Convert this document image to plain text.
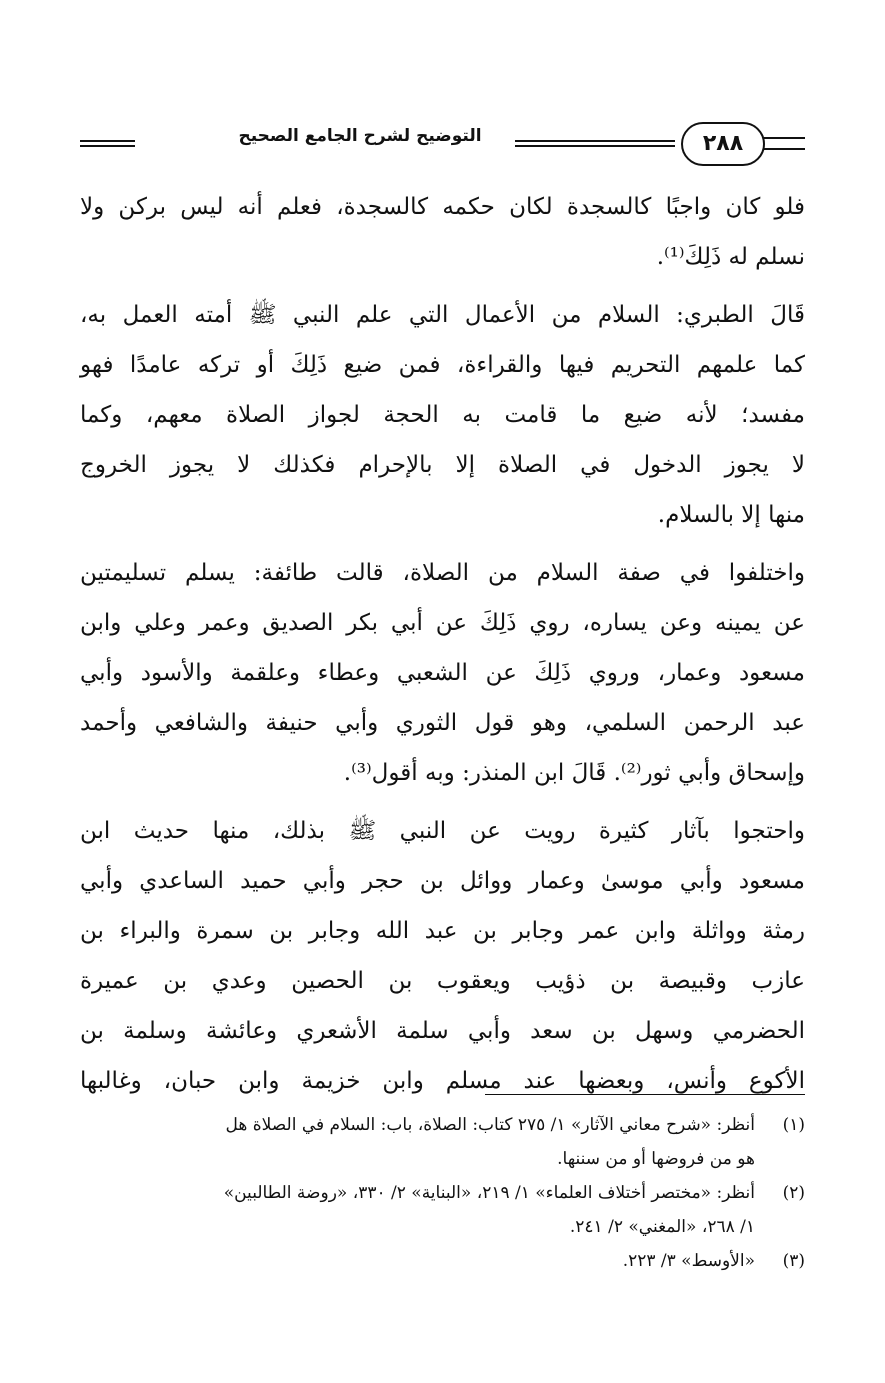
٢٨٨
التوضيح لشرح الجامع الصحيح
فلو كان واجبًا كالسجدة لكان حكمه كالسجدة، فعلم أنه ليس بركن ولا
نسلم له ذَلِكَ⁽¹⁾.
قَالَ الطبري: السلام من الأعمال التي علم النبي ﷺ أمته العمل به،
كما علمهم التحريم فيها والقراءة، فمن ضيع ذَلِكَ أو تركه عامدًا فهو
مفسد؛ لأنه ضيع ما قامت به الحجة لجواز الصلاة معهم، وكما
لا يجوز الدخول في الصلاة إلا بالإحرام فكذلك لا يجوز الخروج
منها إلا بالسلام.
واختلفوا في صفة السلام من الصلاة، قالت طائفة: يسلم تسليمتين
عن يمينه وعن يساره، روي ذَلِكَ عن أبي بكر الصديق وعمر وعلي وابن
مسعود وعمار، وروي ذَلِكَ عن الشعبي وعطاء وعلقمة والأسود وأبي
عبد الرحمن السلمي، وهو قول الثوري وأبي حنيفة والشافعي وأحمد
وإسحاق وأبي ثور⁽²⁾. قَالَ ابن المنذر: وبه أقول⁽³⁾.
واحتجوا بآثار كثيرة رويت عن النبي ﷺ بذلك، منها حديث ابن
مسعود وأبي موسىٰ وعمار ووائل بن حجر وأبي حميد الساعدي وأبي
رمثة وواثلة وابن عمر وجابر بن عبد الله وجابر بن سمرة والبراء بن
عازب وقبيصة بن ذؤيب ويعقوب بن الحصين وعدي بن عميرة
الحضرمي وسهل بن سعد وأبي سلمة الأشعري وعائشة وسلمة بن
الأكوع وأنس، وبعضها عند مسلم وابن خزيمة وابن حبان، وغالبها
(١)
أنظر: «شرح معاني الآثار» ١/ ٢٧٥ كتاب: الصلاة، باب: السلام في الصلاة هل
هو من فروضها أو من سننها.
(٢)
أنظر: «مختصر أختلاف العلماء» ١/ ٢١٩، «البناية» ٢/ ٣٣٠، «روضة الطالبين»
١/ ٢٦٨، «المغني» ٢/ ٢٤١.
(٣)
«الأوسط» ٣/ ٢٢٣.
